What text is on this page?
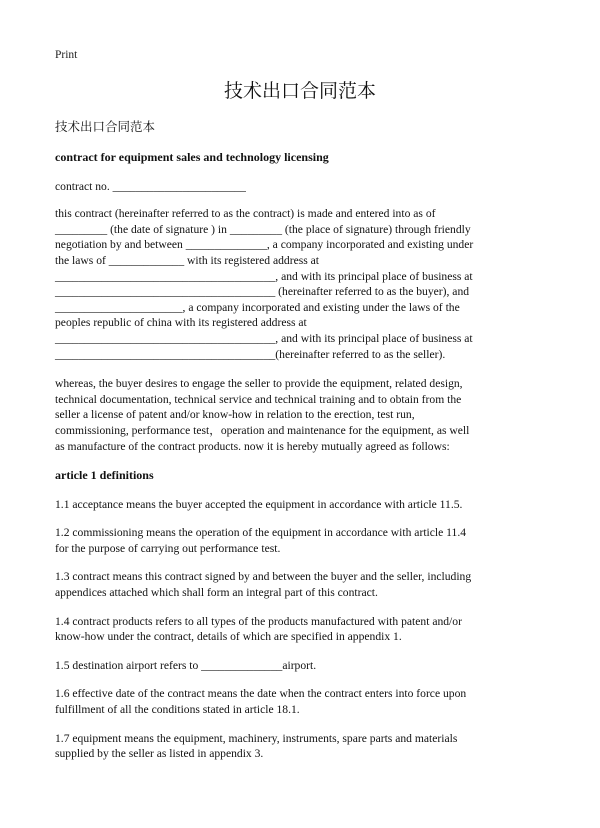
Print
技术出口合同范本
技术出口合同范本

contract for equipment sales and technology licensing

contract no. _______________________

this contract (hereinafter referred to as the contract) is made and entered into as of
_________ (the date of signature ) in _________ (the place of signature) through friendly
negotiation by and between ______________, a company incorporated and existing under
the laws of _____________ with its registered address at
______________________________________, and with its principal place of business at
______________________________________ (hereinafter referred to as the buyer), and
______________________, a company incorporated and existing under the laws of the
peoples republic of china with its registered address at
______________________________________, and with its principal place of business at
______________________________________(hereinafter referred to as the seller).
whereas, the buyer desires to engage the seller to provide the equipment, related design,
technical documentation, technical service and technical training and to obtain from the
seller a license of patent and/or know-how in relation to the erection, test run,
commissioning, performance test，operation and maintenance for the equipment, as well
as manufacture of the contract products. now it is hereby mutually agreed as follows:

article 1 definitions

1.1 acceptance means the buyer accepted the equipment in accordance with article 11.5.
1.2 commissioning means the operation of the equipment in accordance with article 11.4
for the purpose of carrying out performance test.
1.3 contract means this contract signed by and between the buyer and the seller, including
appendices attached which shall form an integral part of this contract.
1.4 contract products refers to all types of the products manufactured with patent and/or
know-how under the contract, details of which are specified in appendix 1.
1.5 destination airport refers to ______________airport.
1.6 effective date of the contract means the date when the contract enters into force upon
fulfillment of all the conditions stated in article 18.1.
1.7 equipment means the equipment, machinery, instruments, spare parts and materials
supplied by the seller as listed in appendix 3.
